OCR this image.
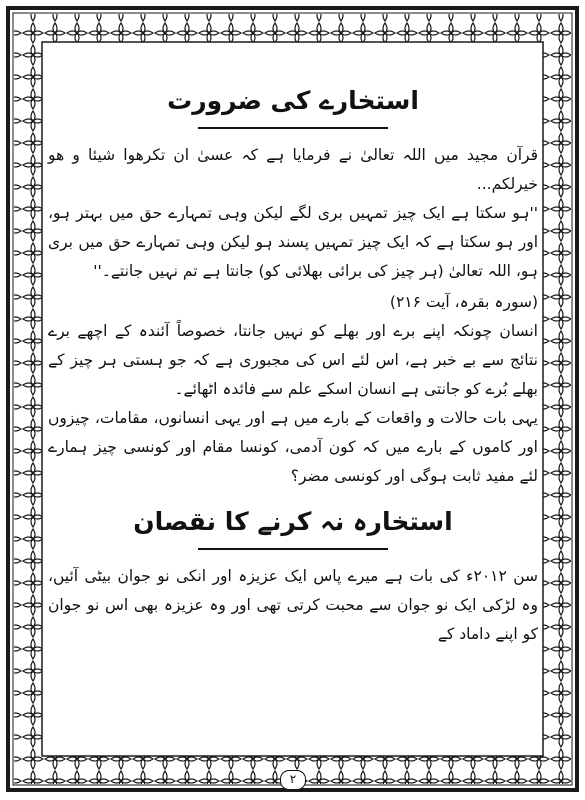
استخارے کی ضرورت

قرآن مجید میں اللہ تعالیٰ نے فرمایا ہے کہ عسیٰ ان تکرھوا شیئا و ھو خیرلکم...

''ہو سکتا ہے ایک چیز تمہیں بری لگے لیکن وہی تمہارے حق میں بہتر ہو، اور ہو سکتا ہے کہ ایک چیز تمہیں پسند ہو لیکن وہی تمہارے حق میں بری ہو، اللہ تعالیٰ (ہر چیز کی برائی بھلائی کو) جانتا ہے تم نہیں جانتے۔''

(سورہ بقرہ، آیت ۲۱۶)

انسان چونکہ اپنے برے اور بھلے کو نہیں جانتا، خصوصاً آئندہ کے اچھے برے نتائج سے بے خبر ہے، اس لئے اس کی مجبوری ہے کہ جو ہستی ہر چیز کے بھلے بُرے کو جانتی ہے انسان اسکے علم سے فائدہ اٹھائے۔

یہی بات حالات و واقعات کے بارے میں ہے اور یہی انسانوں، مقامات، چیزوں اور کاموں کے بارے میں کہ کون آدمی، کونسا مقام اور کونسی چیز ہمارے لئے مفید ثابت ہوگی اور کونسی مضر؟

استخارہ نہ کرنے کا نقصان

سن ۲۰۱۲ء کی بات ہے میرے پاس ایک عزیزہ اور انکی نو جوان بیٹی آئیں، وہ لڑکی ایک نو جوان سے محبت کرتی تھی اور وہ عزیزہ بھی اس نو جوان کو اپنے داماد کے

۲
